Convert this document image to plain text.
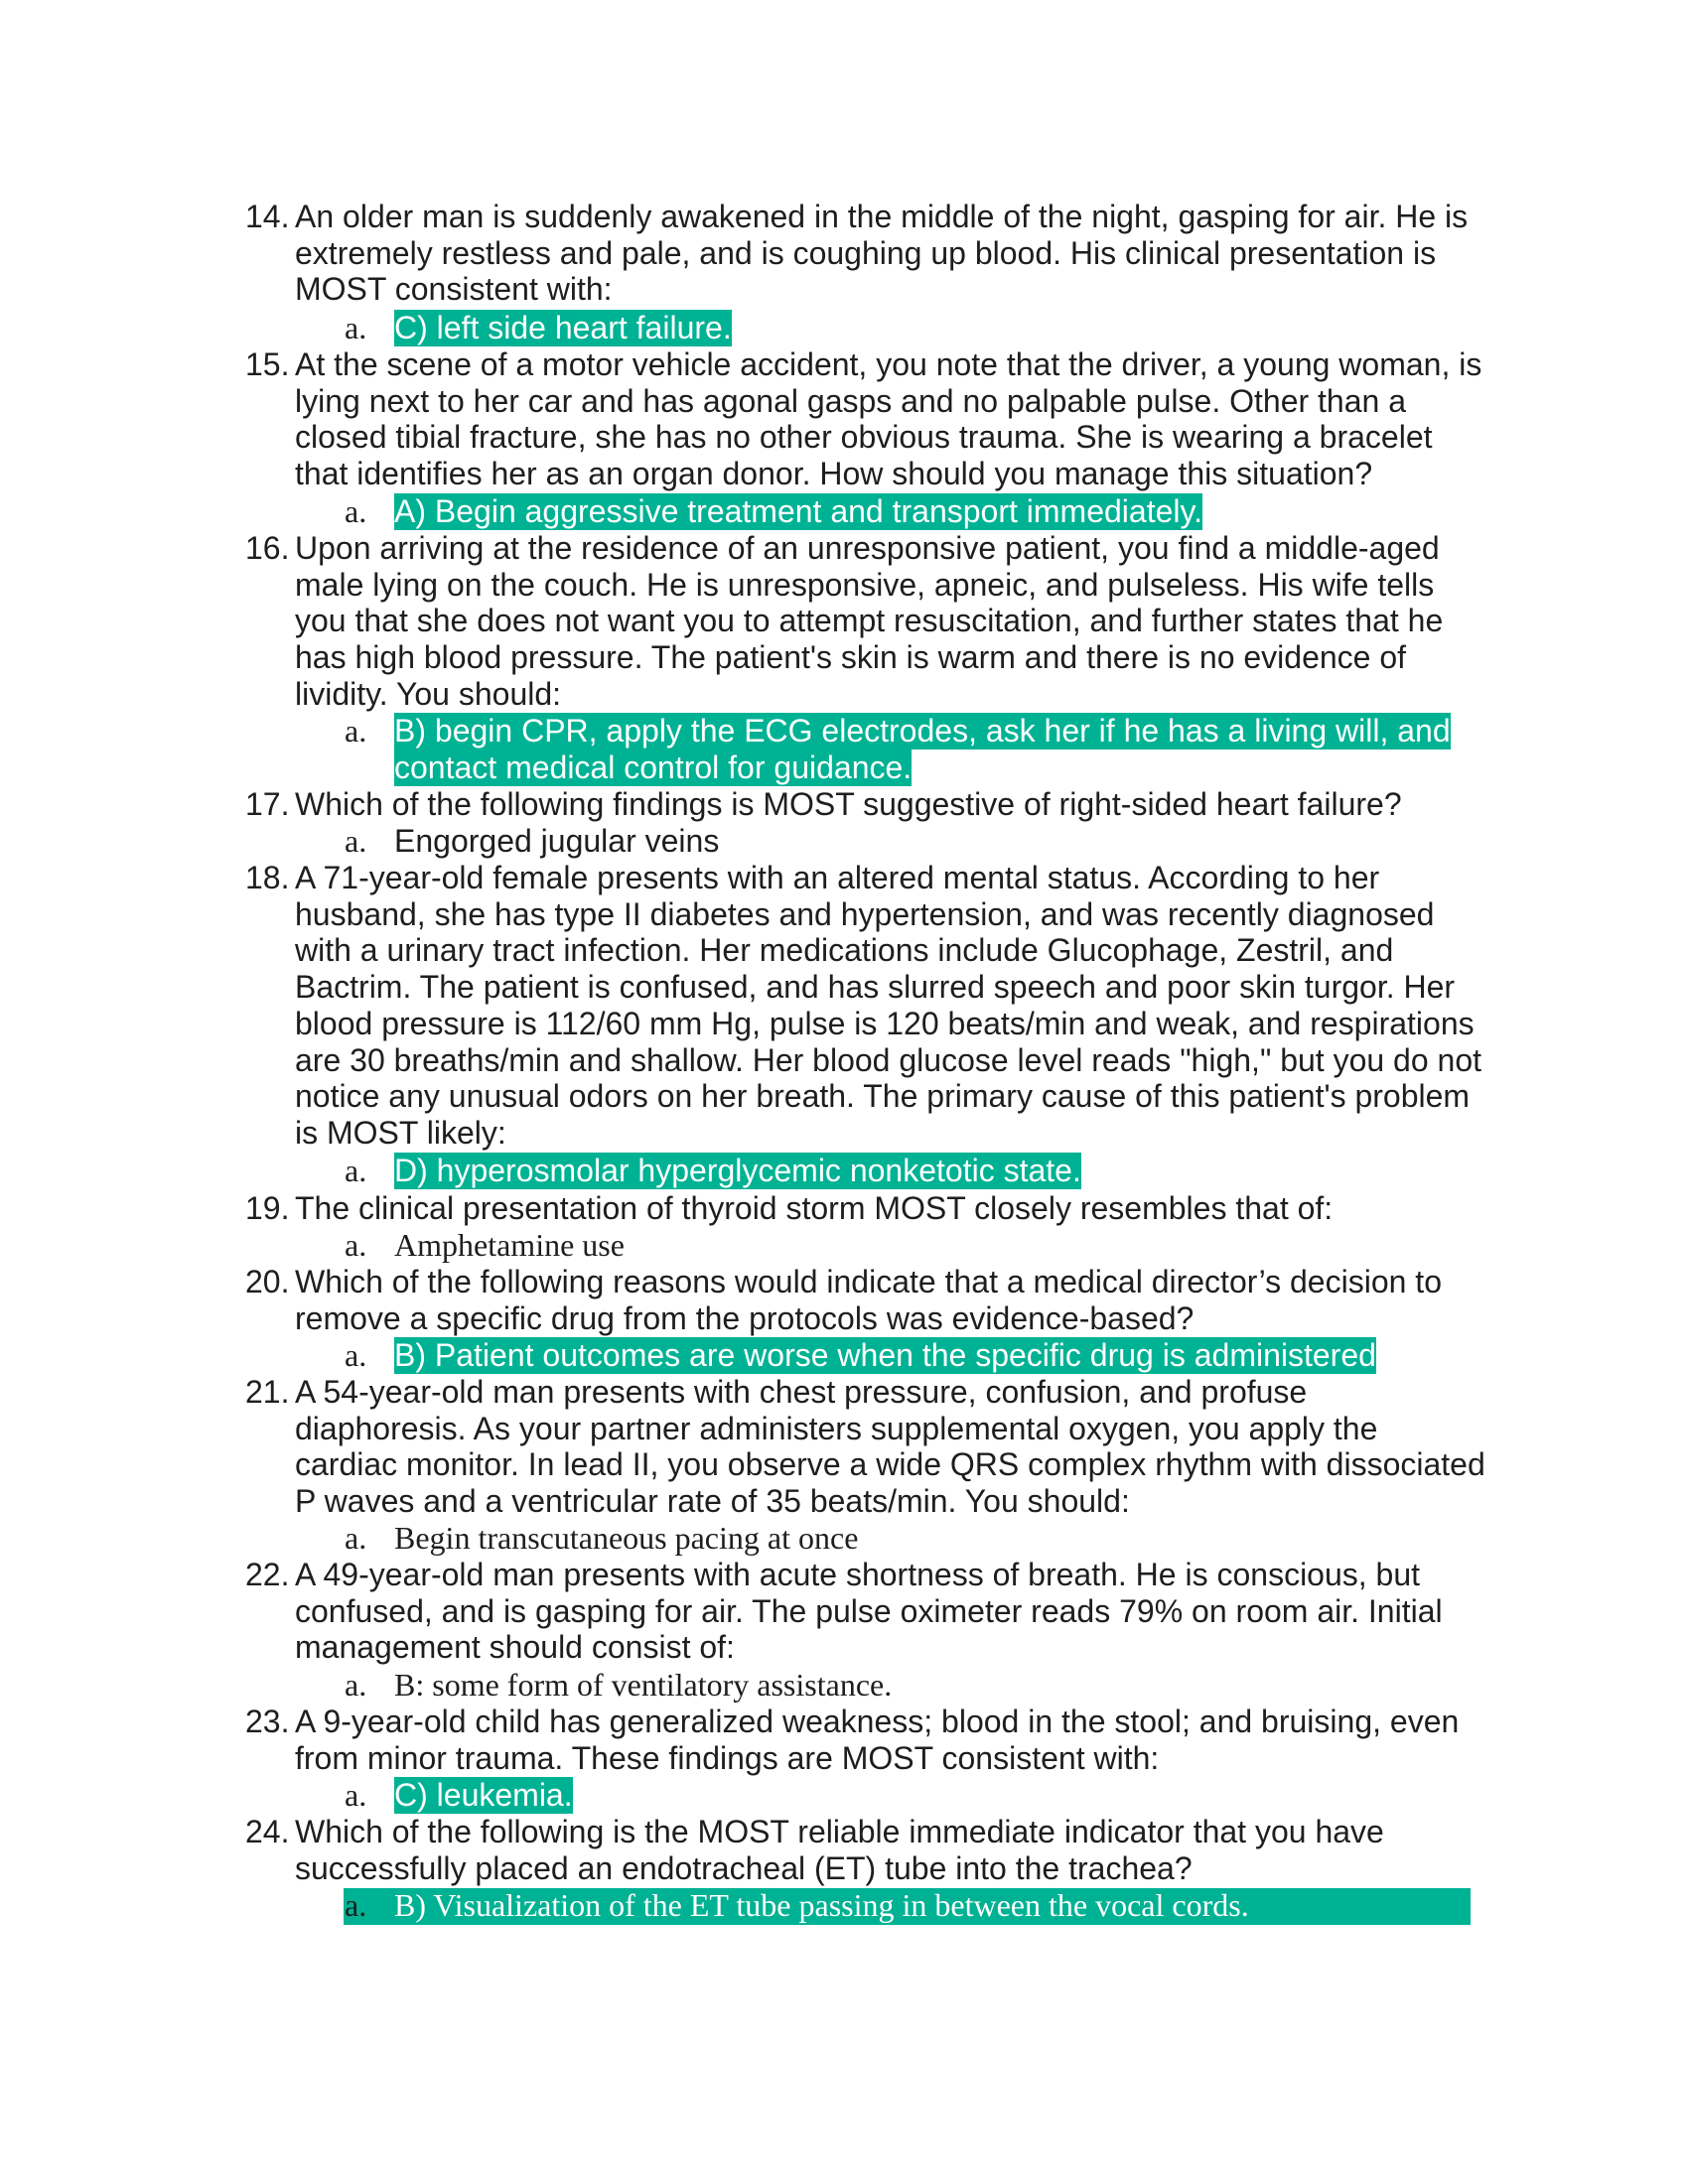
14. An older man is suddenly awakened in the middle of the night, gasping for air. He is extremely restless and pale, and is coughing up blood. His clinical presentation is MOST consistent with:
a. C) left side heart failure.
15. At the scene of a motor vehicle accident, you note that the driver, a young woman, is lying next to her car and has agonal gasps and no palpable pulse. Other than a closed tibial fracture, she has no other obvious trauma. She is wearing a bracelet that identifies her as an organ donor. How should you manage this situation?
a. A) Begin aggressive treatment and transport immediately.
16. Upon arriving at the residence of an unresponsive patient, you find a middle-aged male lying on the couch. He is unresponsive, apneic, and pulseless. His wife tells you that she does not want you to attempt resuscitation, and further states that he has high blood pressure. The patient's skin is warm and there is no evidence of lividity. You should:
a. B) begin CPR, apply the ECG electrodes, ask her if he has a living will, and
contact medical control for guidance.
17. Which of the following findings is MOST suggestive of right-sided heart failure?
a. Engorged jugular veins
18. A 71-year-old female presents with an altered mental status. According to her husband, she has type II diabetes and hypertension, and was recently diagnosed with a urinary tract infection. Her medications include Glucophage, Zestril, and Bactrim. The patient is confused, and has slurred speech and poor skin turgor. Her blood pressure is 112/60 mm Hg, pulse is 120 beats/min and weak, and respirations are 30 breaths/min and shallow. Her blood glucose level reads "high," but you do not notice any unusual odors on her breath. The primary cause of this patient's problem is MOST likely:
a. D) hyperosmolar hyperglycemic nonketotic state.
19. The clinical presentation of thyroid storm MOST closely resembles that of:
a. Amphetamine use
20. Which of the following reasons would indicate that a medical director’s decision to remove a specific drug from the protocols was evidence-based?
a. B) Patient outcomes are worse when the specific drug is administered
21. A 54-year-old man presents with chest pressure, confusion, and profuse diaphoresis. As your partner administers supplemental oxygen, you apply the cardiac monitor. In lead II, you observe a wide QRS complex rhythm with dissociated P waves and a ventricular rate of 35 beats/min. You should:
a. Begin transcutaneous pacing at once
22. A 49-year-old man presents with acute shortness of breath. He is conscious, but confused, and is gasping for air. The pulse oximeter reads 79% on room air. Initial management should consist of:
a. B: some form of ventilatory assistance.
23. A 9-year-old child has generalized weakness; blood in the stool; and bruising, even from minor trauma. These findings are MOST consistent with:
a. C) leukemia.
24. Which of the following is the MOST reliable immediate indicator that you have successfully placed an endotracheal (ET) tube into the trachea?
a. B) Visualization of the ET tube passing in between the vocal cords.
